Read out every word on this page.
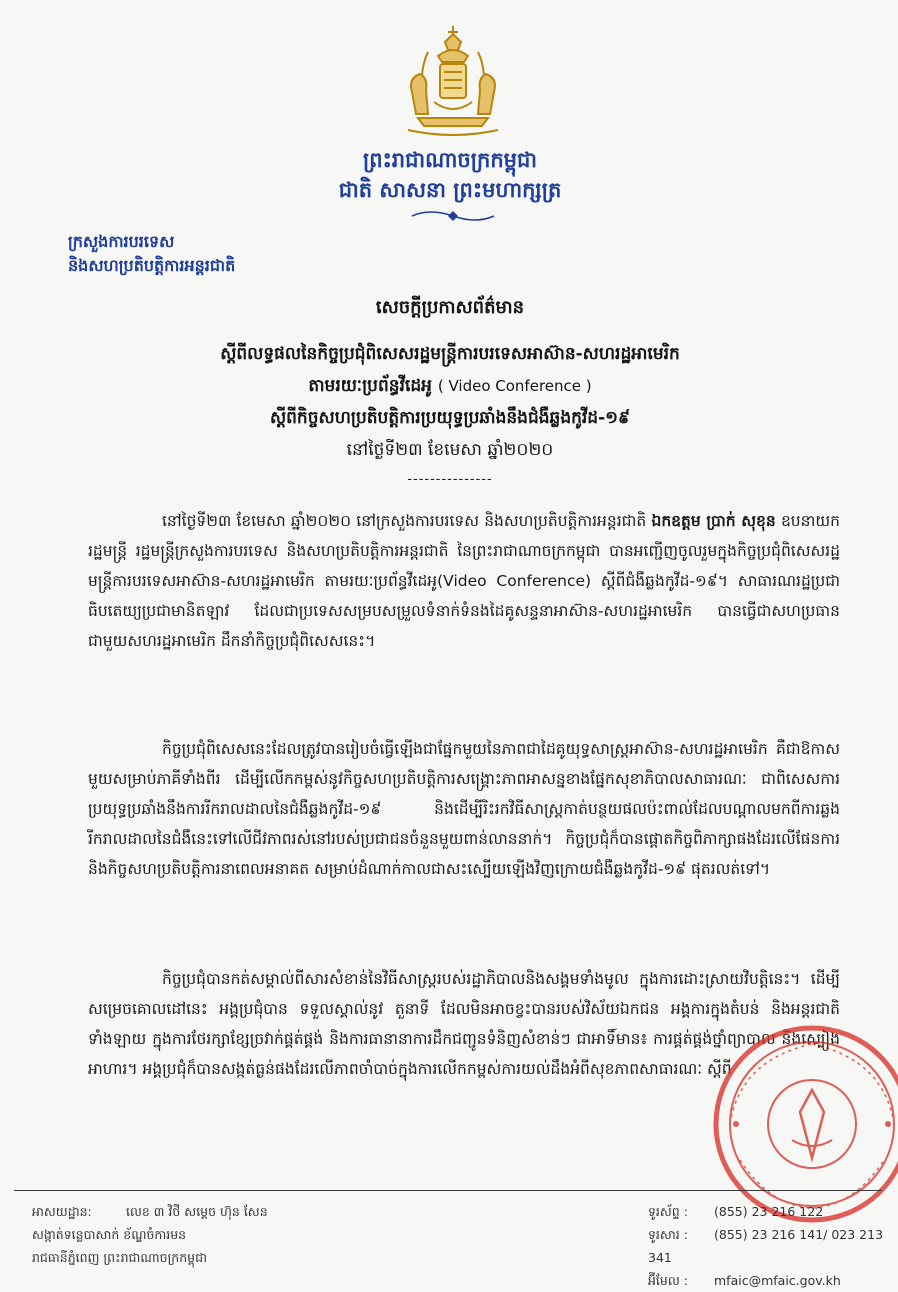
ព្រះរាជាណាចក្រកម្ពុជា
ជាតិ សាសនា ព្រះមហាក្សត្រ
ក្រសួងការបរទេស
និងសហប្រតិបត្តិការអន្តរជាតិ
សេចក្តីប្រកាសព័ត៌មាន
ស្តីពីលទ្ធផលនៃកិច្ចប្រជុំពិសេសរដ្ឋមន្ត្រីការបរទេសអាស៊ាន-សហរដ្ឋអាមេរិក
តាមរយៈប្រព័ន្ធវីដេអូ ( Video Conference )
ស្តីពីកិច្ចសហប្រតិបត្តិការប្រយុទ្ធប្រឆាំងនឹងជំងឺឆ្លងកូវីដ-១៩
នៅថ្ងៃទី២៣ ខែមេសា ឆ្នាំ២០២០
---------------
នៅថ្ងៃទី២៣ ខែមេសា ឆ្នាំ២០២០ នៅក្រសួងការបរទេស និងសហប្រតិបត្តិការអន្តរជាតិ ឯកឧត្តម ប្រាក់ សុខុន ឧបនាយករដ្ឋមន្ត្រី រដ្ឋមន្ត្រីក្រសួងការបរទេស និងសហប្រតិបត្តិការអន្តរជាតិ នៃព្រះរាជាណាចក្រកម្ពុជា បានអញ្ជើញចូលរួមក្នុងកិច្ចប្រជុំពិសេសរដ្ឋមន្ត្រីការបរទេសអាស៊ាន-សហរដ្ឋអាមេរិក តាមរយៈប្រព័ន្ធវីដេអូ(Video Conference) ស្តីពីជំងឺឆ្លងកូវីដ-១៩។ សាធារណរដ្ឋប្រជាធិបតេយ្យប្រជាមានិតឡាវ ដែលជាប្រទេសសម្របសម្រួលទំនាក់ទំនងដៃគូសន្ទនាអាស៊ាន-សហរដ្ឋអាមេរិក បានធ្វើជាសហប្រធាន ជាមួយសហរដ្ឋអាមេរិក ដឹកនាំកិច្ចប្រជុំពិសេសនេះ។
កិច្ចប្រជុំពិសេសនេះដែលត្រូវបានរៀបចំធ្វើឡើងជាផ្នែកមួយនៃភាពជាដៃគូយុទ្ធសាស្ត្រអាស៊ាន-សហរដ្ឋអាមេរិក គឺជាឱកាសមួយសម្រាប់ភាគីទាំងពីរ ដើម្បីលើកកម្ពស់នូវកិច្ចសហប្រតិបត្តិការសង្គ្រោះភាពអាសន្នខាងផ្នែកសុខាភិបាលសាធារណៈ ជាពិសេសការប្រយុទ្ធប្រឆាំងនឹងការរីករាលដាលនៃជំងឺឆ្លងកូវីដ-១៩ និងដើម្បីរិះរកវិធីសាស្ត្រកាត់បន្ថយផលប៉ះពាល់ដែលបណ្តាលមកពីការឆ្លងរីករាលដាលនៃជំងឺនេះទៅលើជីវភាពរស់នៅរបស់ប្រជាជនចំនួនមួយពាន់លាននាក់។ កិច្ចប្រជុំក៏បានផ្តោតកិច្ចពិភាក្សាផងដែរលើផែនការ និងកិច្ចសហប្រតិបត្តិការនាពេលអនាគត សម្រាប់ដំណាក់កាលជាសះស្បើយឡើងវិញក្រោយជំងឺឆ្លងកូវីដ-១៩ ផុតរលត់ទៅ។
កិច្ចប្រជុំបានកត់សម្គាល់ពីសារសំខាន់នៃវិធីសាស្ត្ររបស់រដ្ឋាភិបាលនិងសង្គមទាំងមូល ក្នុងការដោះស្រាយវិបត្តិនេះ។ ដើម្បីសម្រេចគោលដៅនេះ អង្គប្រជុំបាន ទទួលស្គាល់នូវ តួនាទី ដែលមិនអាចខ្វះបានរបស់វិស័យឯកជន អង្គការក្នុងតំបន់ និងអន្តរជាតិទាំងឡាយ ក្នុងការថែរក្សាខ្សែច្រវាក់ផ្គត់ផ្គង់ និងការធានានាការដឹកជញ្ជូនទំនិញសំខាន់ៗ ជាអាទិ៍មាន៖ ការផ្គត់ផ្គង់ថ្នាំព្យាបាល និងស្បៀងអាហារ។ អង្គប្រជុំក៏បានសង្កត់ធ្ងន់ផងដែរលើភាពចាំបាច់ក្នុងការលើកកម្ពស់ការយល់ដឹងអំពីសុខភាពសាធារណៈ ស្តីពី
អាសយដ្ឋាន:	លេខ ៣ វិថី សម្តេច ហ៊ុន សែន
សង្កាត់ទន្លេបាសាក់ ខ័ណ្ឌចំការមន
រាជធានីភ្នំពេញ ព្រះរាជាណាចក្រកម្ពុជា
ទូរស័ព្ទ : (855) 23 216 122
ទូរសារ : (855) 23 216 141/ 023 213 341
អ៊ីមែល : mfaic@mfaic.gov.kh
